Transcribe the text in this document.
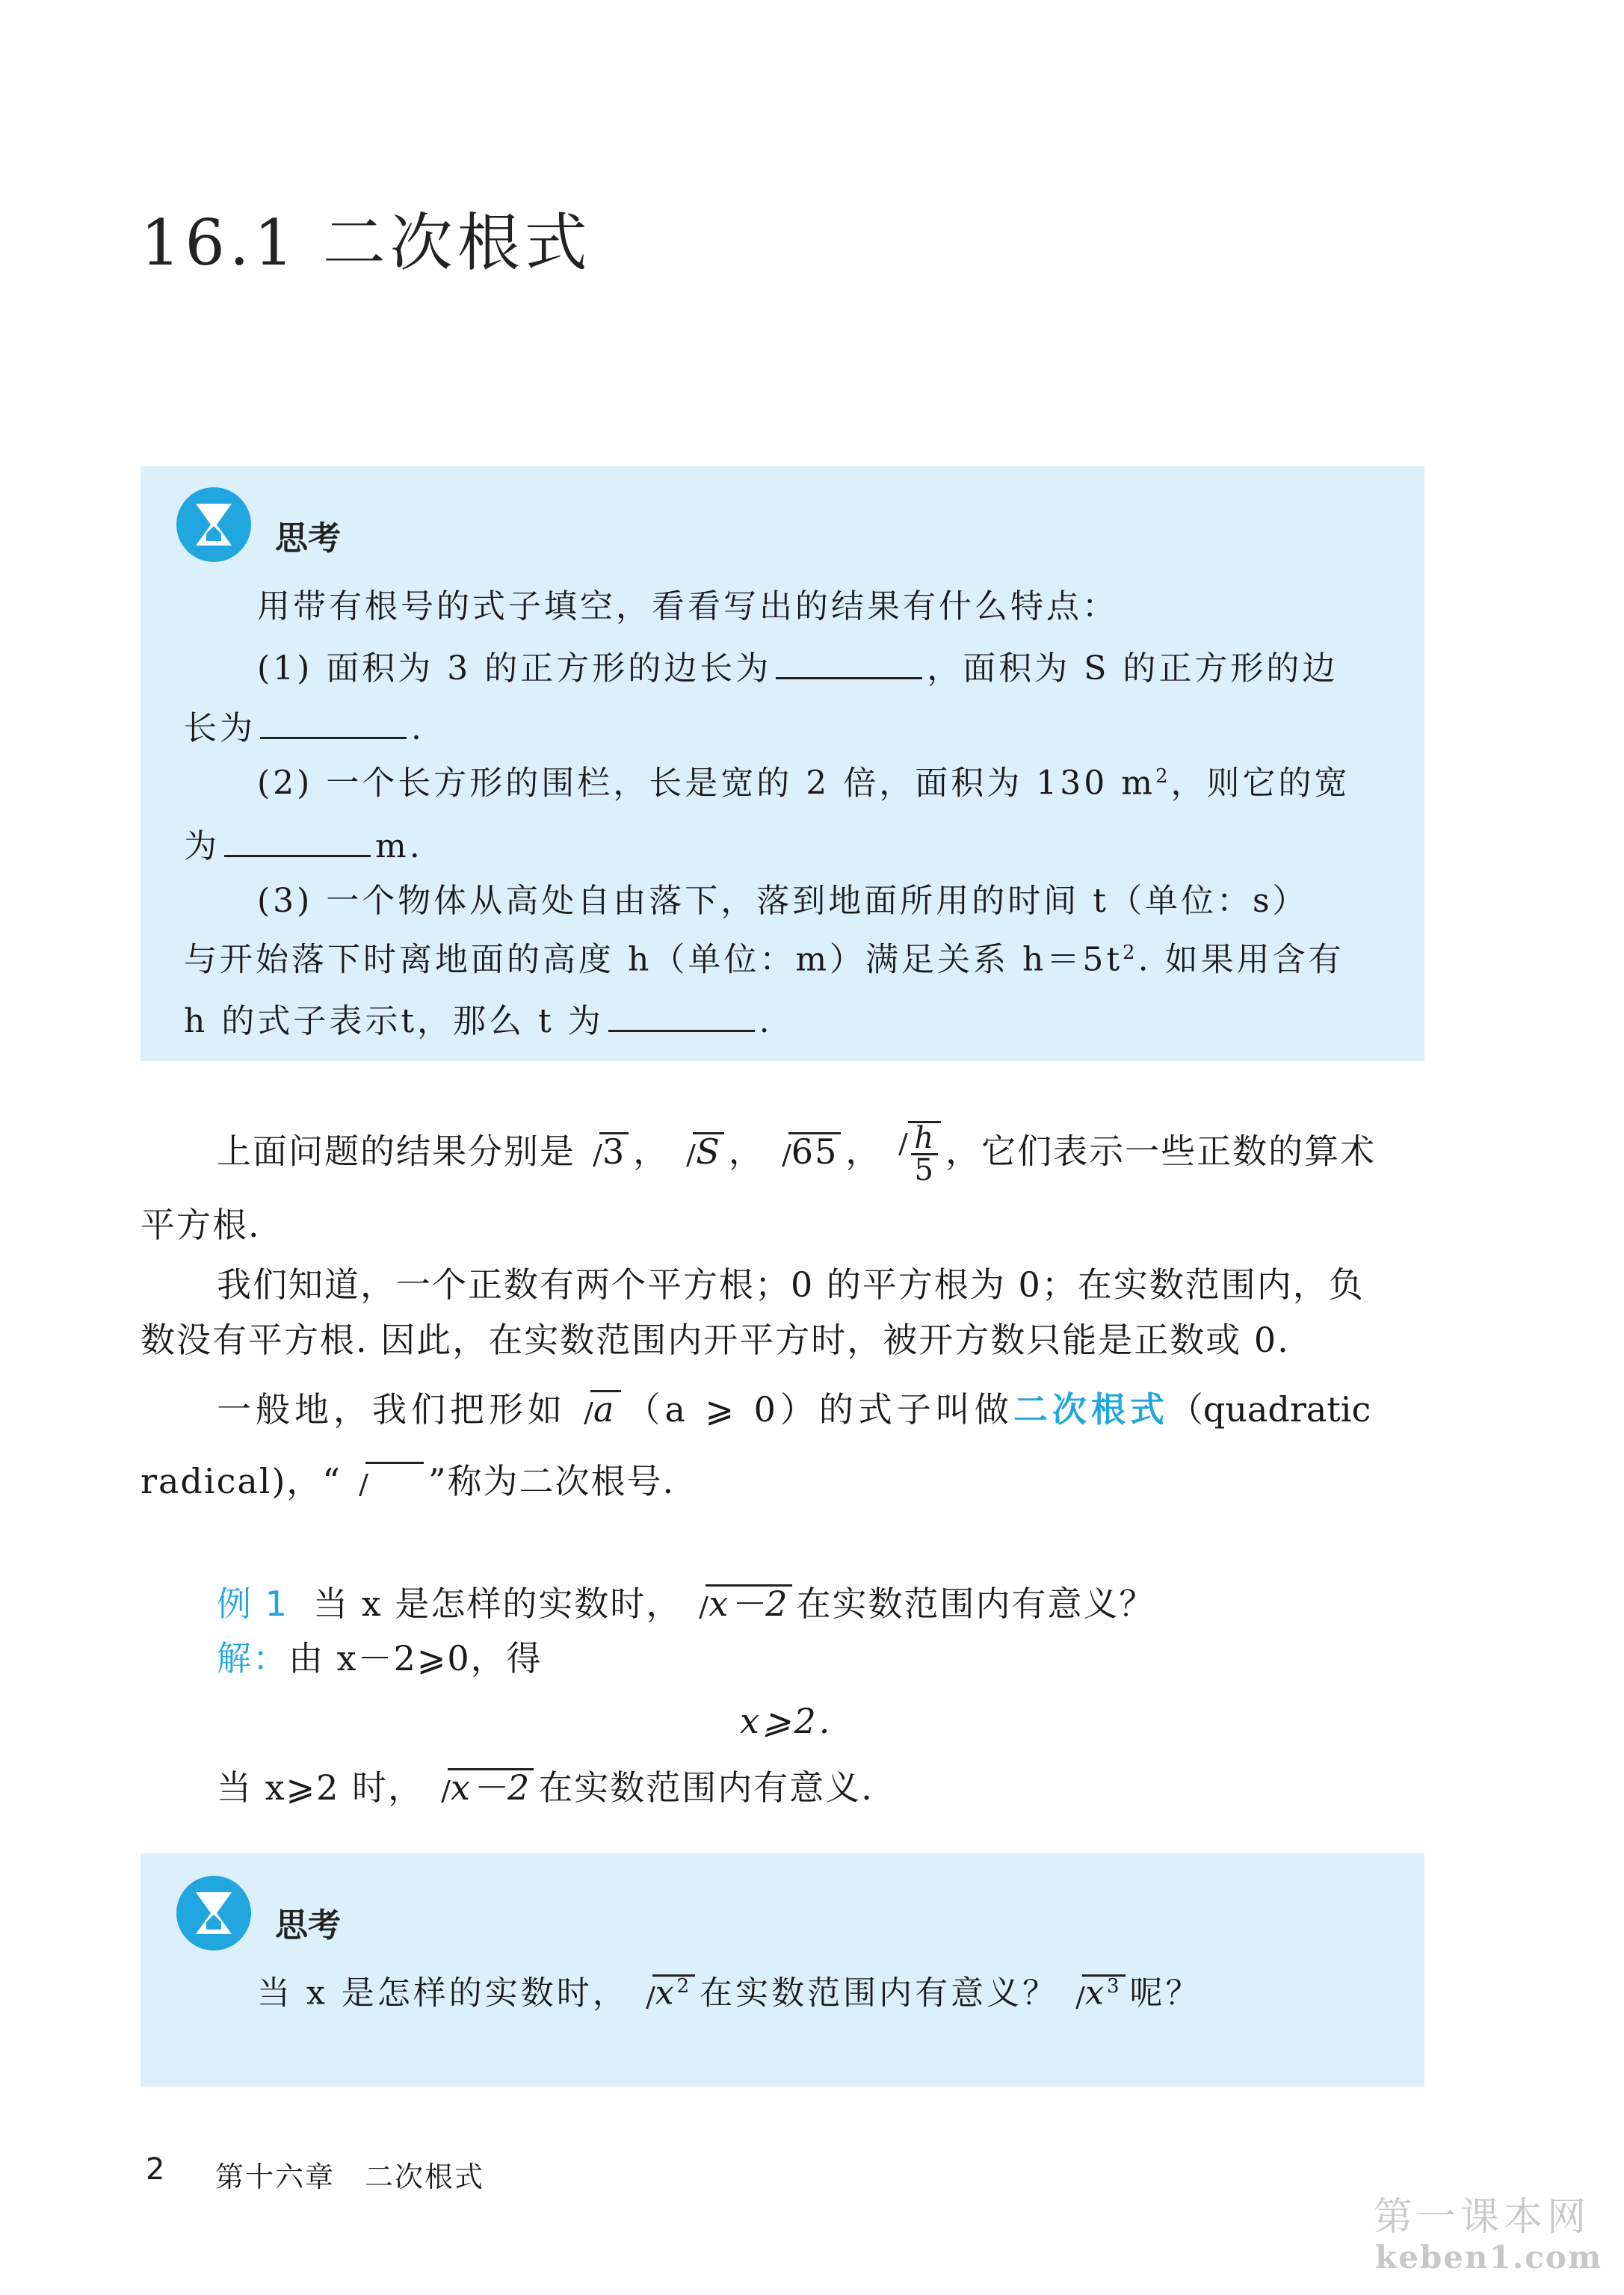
16.1 二次根式
思考
用带有根号的式子填空，看看写出的结果有什么特点：
(1) 面积为 3 的正方形的边长为	，面积为 S 的正方形的边
长为	.
(2) 一个长方形的围栏，长是宽的 2 倍，面积为 130 $m^2$，则它的宽
为	m.
(3) 一个物体从高处自由落下，落到地面所用的时间 t（单位：s）
与开始落下时离地面的高度 h（单位：m）满足关系 $h=5t^2$. 如果用含有
h 的式子表示t，那么 t 为	.
上面问题的结果分别是 3 ， S ， 65 ， $\frac{h}{5}$ ，它们表示一些正数的算术
平方根.
我们知道，一个正数有两个平方根；0 的平方根为 0；在实数范围内，负
数没有平方根. 因此，在实数范围内开平方时，被开方数只能是正数或 0.
一般地，我们把形如 a （a ⩾ 0）的式子叫做二次根式（quadratic
radical)，“	”称为二次根号.
例 1 当 x 是怎样的实数时， x－2 在实数范围内有意义？
解：由 x－2⩾0，得
x⩾2.
当 x⩾2 时， x－2 在实数范围内有意义.
思考
当 x 是怎样的实数时， $x^2$ 在实数范围内有意义？ $x^3$ 呢？
2 第十六章　二次根式
第一课本网
keben1.com
